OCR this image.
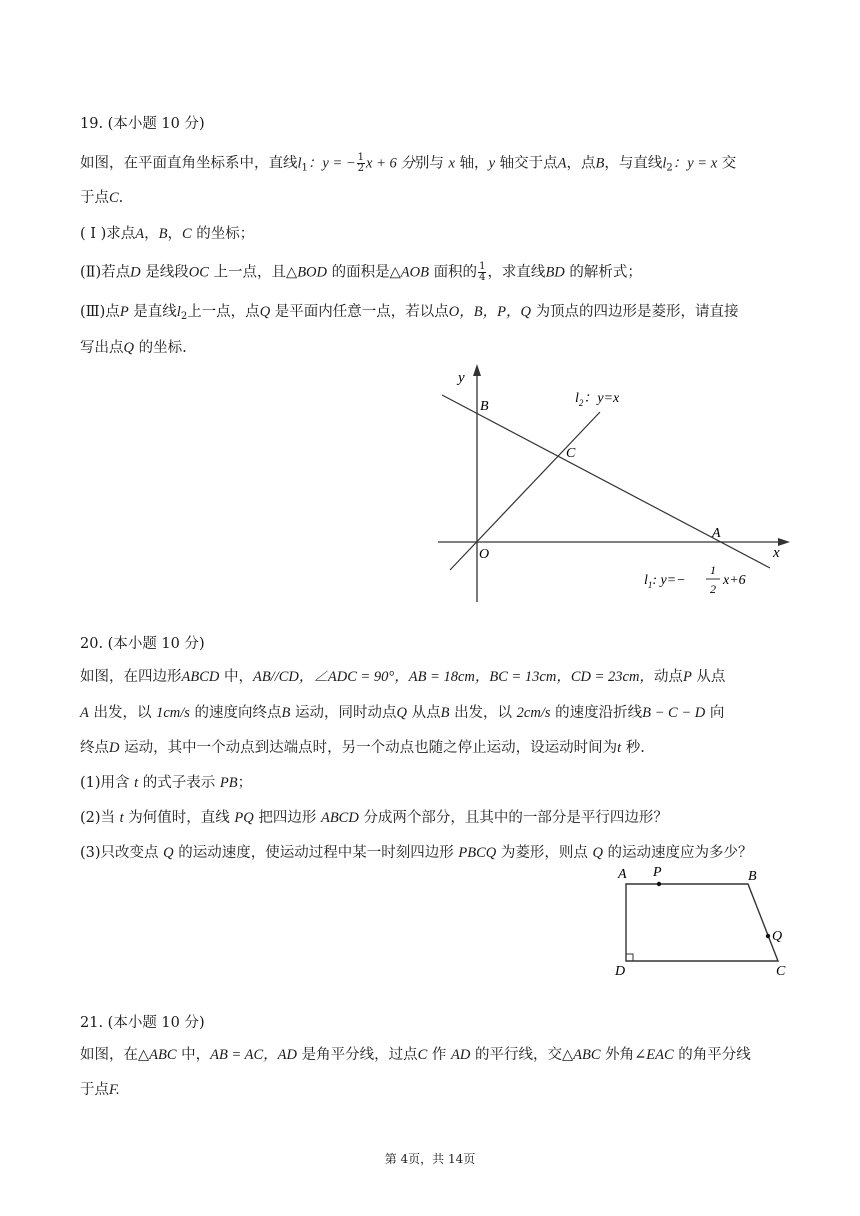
19. (本小题 10 分)
如图，在平面直角坐标系中，直线$l_1$：y = − $\frac{1}{2}$ x + 6 分别与 x 轴，y 轴交于点A，点B，与直线$l_2$：y = x 交
于点C.
( Ⅰ )求点A，B，C 的坐标；
(Ⅱ)若点D 是线段OC 上一点，且△BOD 的面积是△AOB 面积的 $\frac{1}{4}$ ，求直线BD 的解析式；
(Ⅲ)点P 是直线$l_2$上一点，点Q 是平面内任意一点，若以点O，B，P，Q 为顶点的四边形是菱形，请直接
写出点Q 的坐标.
y
x
O
B
C
A
$l_2$：y=x
$l_1$: y=−
1
2
x+6
20. (本小题 10 分)
如图，在四边形ABCD 中，AB//CD，∠ADC = 90°，AB = 18cm，BC = 13cm，CD = 23cm，动点P 从点
A 出发，以 1cm/s 的速度向终点B 运动，同时动点Q 从点B 出发，以 2cm/s 的速度沿折线B − C − D 向
终点D 运动，其中一个动点到达端点时，另一个动点也随之停止运动，设运动时间为t 秒.
(1)用含 t 的式子表示 PB；
(2)当 t 为何值时，直线 PQ 把四边形 ABCD 分成两个部分，且其中的一部分是平行四边形？
(3)只改变点 Q 的运动速度，使运动过程中某一时刻四边形 PBCQ 为菱形，则点 Q 的运动速度应为多少？
A P	B
Q
D	C
21. (本小题 10 分)
如图，在△ABC 中，AB = AC，AD 是角平分线，过点C 作 AD 的平行线，交△ABC 外角∠EAC 的角平分线
于点F.
第 4页，共 14页
